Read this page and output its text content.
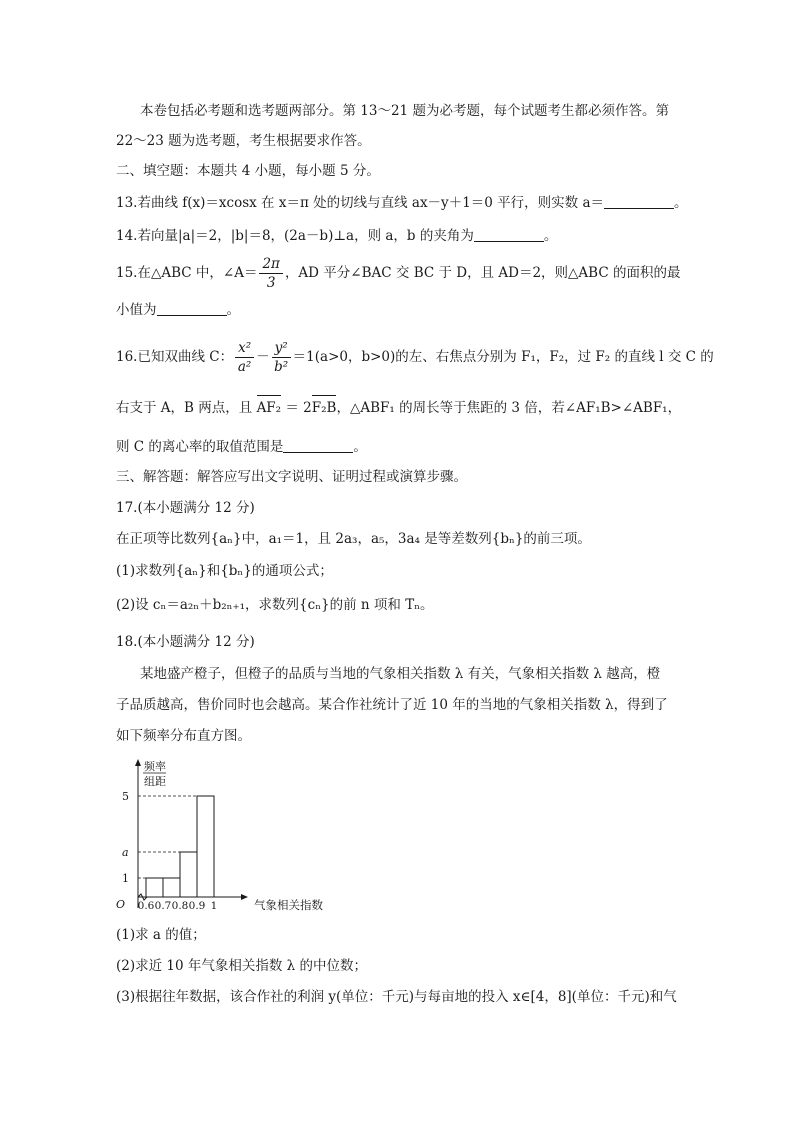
本卷包括必考题和选考题两部分。第 13～21 题为必考题，每个试题考生都必须作答。第
22～23 题为选考题，考生根据要求作答。
二、填空题：本题共 4 小题，每小题 5 分。
13.若曲线 f(x)＝xcosx 在 x＝π 处的切线与直线 ax－y＋1＝0 平行，则实数 a＝	。
14.若向量|a|＝2，|b|＝8，(2a－b)⊥a，则 a，b 的夹角为	。
15.在△ABC 中，∠A＝ $\frac{2\pi}{3}$ ，AD 平分∠BAC 交 BC 于 D，且 AD＝2，则△ABC 的面积的最
小值为	。
16.已知双曲线 C： $\frac{\text{x²}}{\text{a²}} - \frac{\text{y²}}{\text{b²}} =1(a>0$，b>0)的左、右焦点分别为 F₁，F₂，过 F₂ 的直线 l 交 C 的
右支于 A，B 两点，且 AF₂ ＝ 2F₂B，△ABF₁ 的周长等于焦距的 3 倍，若∠AF₁B>∠ABF₁，
则 C 的离心率的取值范围是	。
三、解答题：解答应写出文字说明、证明过程或演算步骤。
17.(本小题满分 12 分)
在正项等比数列{aₙ}中，a₁＝1，且 2a₃，a₅，3a₄ 是等差数列{bₙ}的前三项。
(1)求数列{aₙ}和{bₙ}的通项公式；
(2)设 cₙ＝a₂ₙ＋b₂ₙ₊₁，求数列{cₙ}的前 n 项和 Tₙ。
18.(本小题满分 12 分)
某地盛产橙子，但橙子的品质与当地的气象相关指数 λ 有关，气象相关指数 λ 越高，橙
子品质越高，售价同时也会越高。某合作社统计了近 10 年的当地的气象相关指数 λ，得到了
如下频率分布直方图。
频率
组距
O	气象相关指数
1
a
5
0.6 0.7 0.8 0.9 1
(1)求 a 的值；
(2)求近 10 年气象相关指数 λ 的中位数；
(3)根据往年数据，该合作社的利润 y(单位：千元)与每亩地的投入 x∈[4，8](单位：千元)和气
